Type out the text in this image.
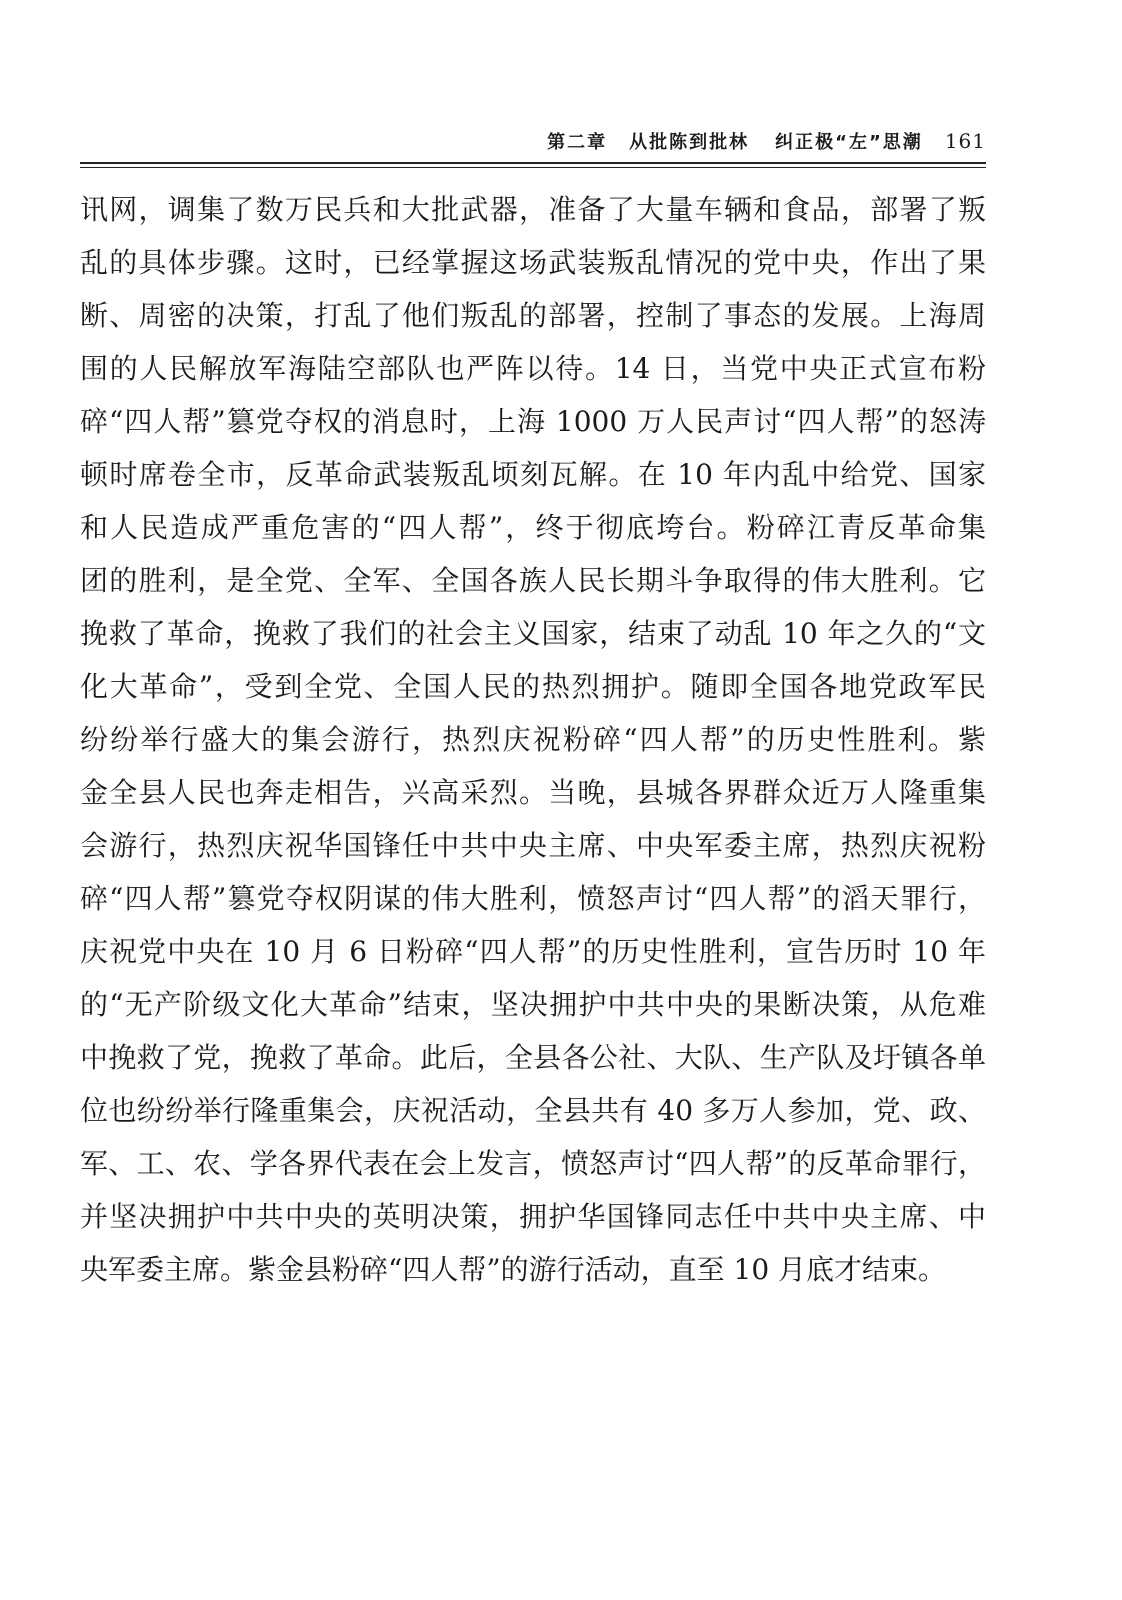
第二章 从批陈到批林 纠正极“左”思潮 161
讯网，调集了数万民兵和大批武器，准备了大量车辆和食品，部署了叛
乱的具体步骤。这时，已经掌握这场武装叛乱情况的党中央，作出了果
断、周密的决策，打乱了他们叛乱的部署，控制了事态的发展。上海周
围的人民解放军海陆空部队也严阵以待。14 日，当党中央正式宣布粉
碎“四人帮”篡党夺权的消息时，上海 1000 万人民声讨“四人帮”的怒涛
顿时席卷全市，反革命武装叛乱顷刻瓦解。在 10 年内乱中给党、国家
和人民造成严重危害的“四人帮”，终于彻底垮台。粉碎江青反革命集
团的胜利，是全党、全军、全国各族人民长期斗争取得的伟大胜利。它
挽救了革命，挽救了我们的社会主义国家，结束了动乱 10 年之久的“文
化大革命”，受到全党、全国人民的热烈拥护。随即全国各地党政军民
纷纷举行盛大的集会游行，热烈庆祝粉碎“四人帮”的历史性胜利。紫
金全县人民也奔走相告，兴高采烈。当晚，县城各界群众近万人隆重集
会游行，热烈庆祝华国锋任中共中央主席、中央军委主席，热烈庆祝粉
碎“四人帮”篡党夺权阴谋的伟大胜利，愤怒声讨“四人帮”的滔天罪行，
庆祝党中央在 10 月 6 日粉碎“四人帮”的历史性胜利，宣告历时 10 年
的“无产阶级文化大革命”结束，坚决拥护中共中央的果断决策，从危难
中挽救了党，挽救了革命。此后，全县各公社、大队、生产队及圩镇各单
位也纷纷举行隆重集会，庆祝活动，全县共有 40 多万人参加，党、政、
军、工、农、学各界代表在会上发言，愤怒声讨“四人帮”的反革命罪行，
并坚决拥护中共中央的英明决策，拥护华国锋同志任中共中央主席、中
央军委主席。紫金县粉碎“四人帮”的游行活动，直至 10 月底才结束。
